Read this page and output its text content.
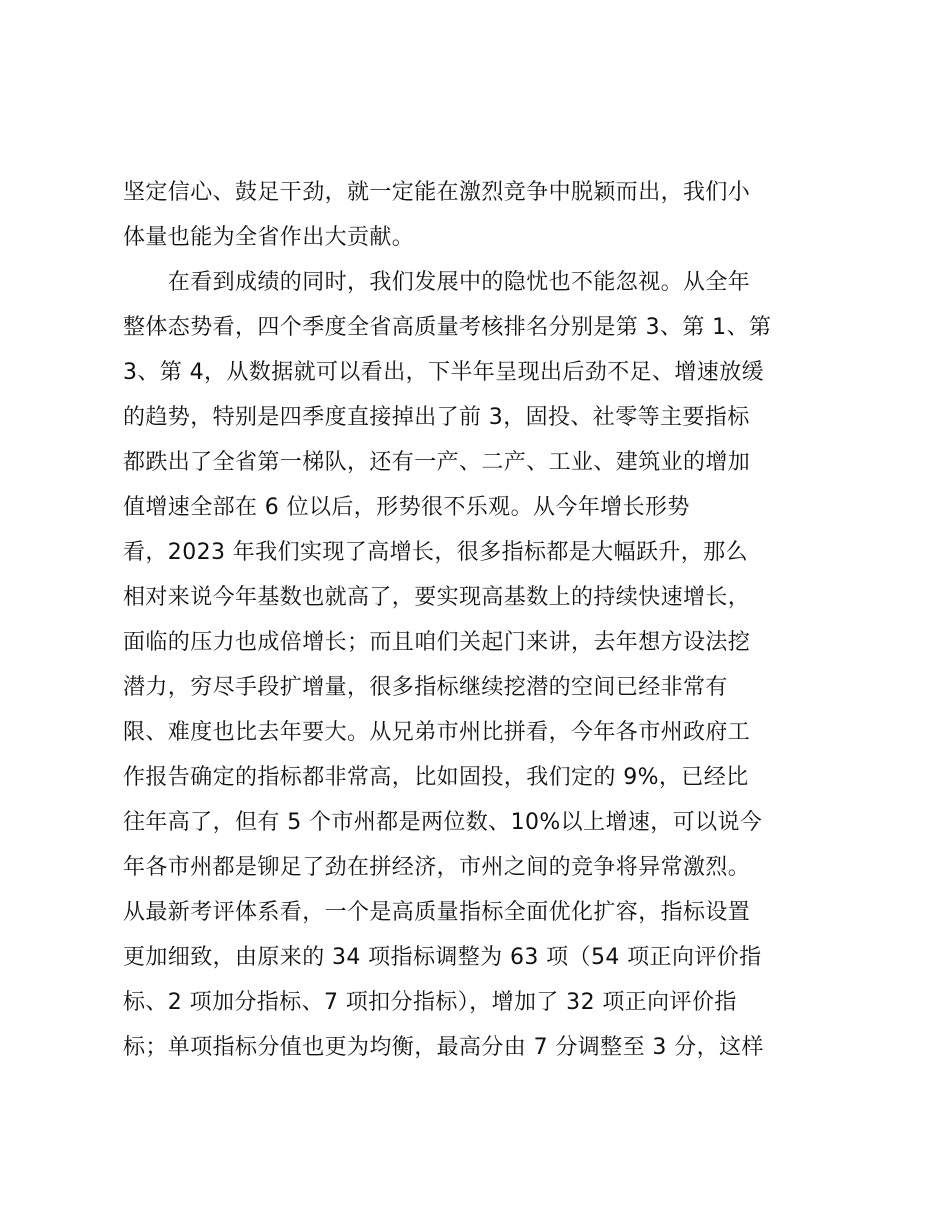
坚定信心、鼓足干劲，就一定能在激烈竞争中脱颖而出，我们小
体量也能为全省作出大贡献。
　　在看到成绩的同时，我们发展中的隐忧也不能忽视。从全年
整体态势看，四个季度全省高质量考核排名分别是第 3、第 1、第
3、第 4，从数据就可以看出，下半年呈现出后劲不足、增速放缓
的趋势，特别是四季度直接掉出了前 3，固投、社零等主要指标
都跌出了全省第一梯队，还有一产、二产、工业、建筑业的增加
值增速全部在 6 位以后，形势很不乐观。从今年增长形势
看，2023 年我们实现了高增长，很多指标都是大幅跃升，那么
相对来说今年基数也就高了，要实现高基数上的持续快速增长，
面临的压力也成倍增长；而且咱们关起门来讲，去年想方设法挖
潜力，穷尽手段扩增量，很多指标继续挖潜的空间已经非常有
限、难度也比去年要大。从兄弟市州比拼看，今年各市州政府工
作报告确定的指标都非常高，比如固投，我们定的 9%，已经比
往年高了，但有 5 个市州都是两位数、10%以上增速，可以说今
年各市州都是铆足了劲在拼经济，市州之间的竞争将异常激烈。
从最新考评体系看，一个是高质量指标全面优化扩容，指标设置
更加细致，由原来的 34 项指标调整为 63 项（54 项正向评价指
标、2 项加分指标、7 项扣分指标），增加了 32 项正向评价指
标；单项指标分值也更为均衡，最高分由 7 分调整至 3 分，这样
